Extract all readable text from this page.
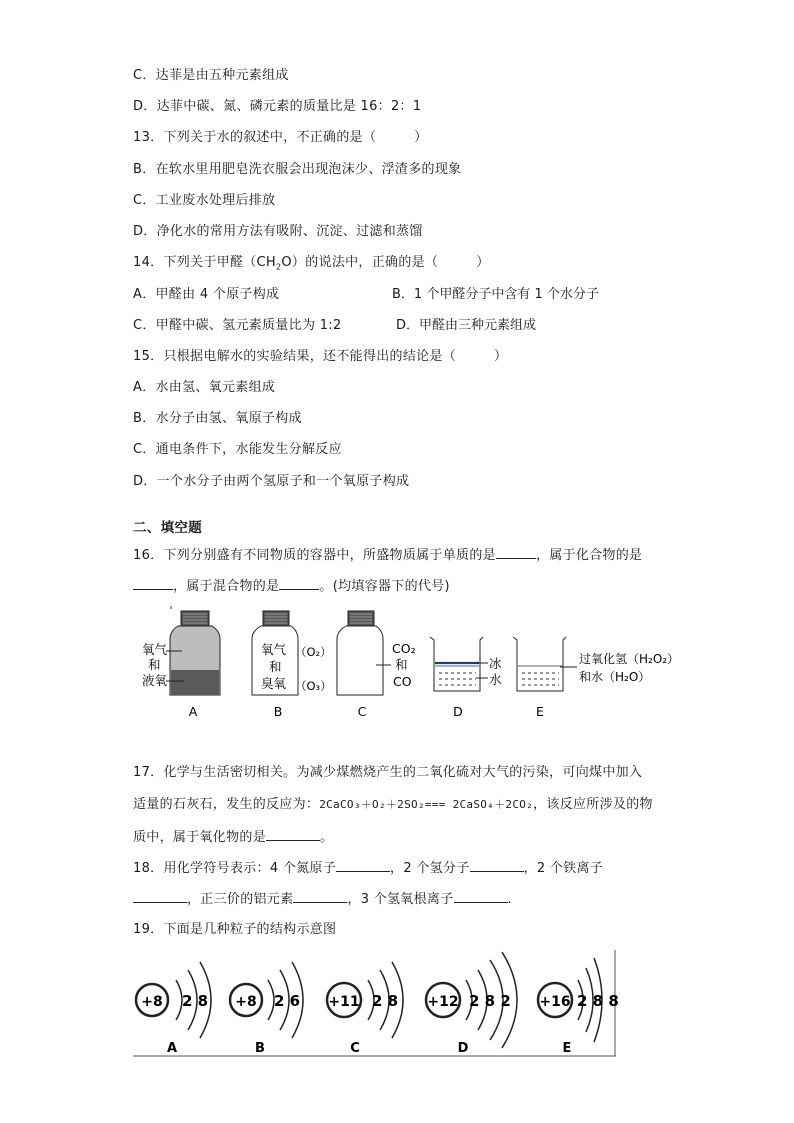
C．达菲是由五种元素组成
D．达菲中碳、氮、磷元素的质量比是 16：2：1
13．下列关于水的叙述中，不正确的是（	）
B．在软水里用肥皂洗衣服会出现泡沫少、浮渣多的现象
C．工业废水处理后排放
D．净化水的常用方法有吸附、沉淀、过滤和蒸馏
14．下列关于甲醛$(CH_2O)$的说法中，正确的是（	）
A．甲醛由 4 个原子构成	B．1 个甲醛分子中含有 1 个水分子
C．甲醛中碳、氢元素质量比为 1:2	D．甲醛由三种元素组成
15．只根据电解水的实验结果，还不能得出的结论是（	）
A．水由氢、氧元素组成
B．水分子由氢、氧原子构成
C．通电条件下，水能发生分解反应
D．一个水分子由两个氢原子和一个氧原子构成
二、填空题
16．下列分别盛有不同物质的容器中，所盛物质属于单质的是	，属于化合物的是
，属于混合物的是	。(均填容器下的代号)
氧气
和
液氧
A
氧气
和
臭氧
（O₂）
（O₃）
B
CO₂
和
CO
C
冰
水
D
过氧化氢（H₂O₂）
和水（H₂O）
E
17．化学与生活密切相关。为减少煤燃烧产生的二氧化硫对大气的污染，可向煤中加入
适量的石灰石，发生的反应为：2CaCO₃＋O₂＋2SO₂=== 2CaSO₄＋2CO₂，该反应所涉及的物
质中，属于氧化物的是	。
18．用化学符号表示：4 个氮原子	，2 个氢分子	，2 个铁离子
，正三价的铝元素	，3 个氢氧根离子	.
19．下面是几种粒子的结构示意图
+8 2 8
A
+8 2 6
B
+11 2 8
C
+12 2 8 2
D
+16 2 8 8
E
